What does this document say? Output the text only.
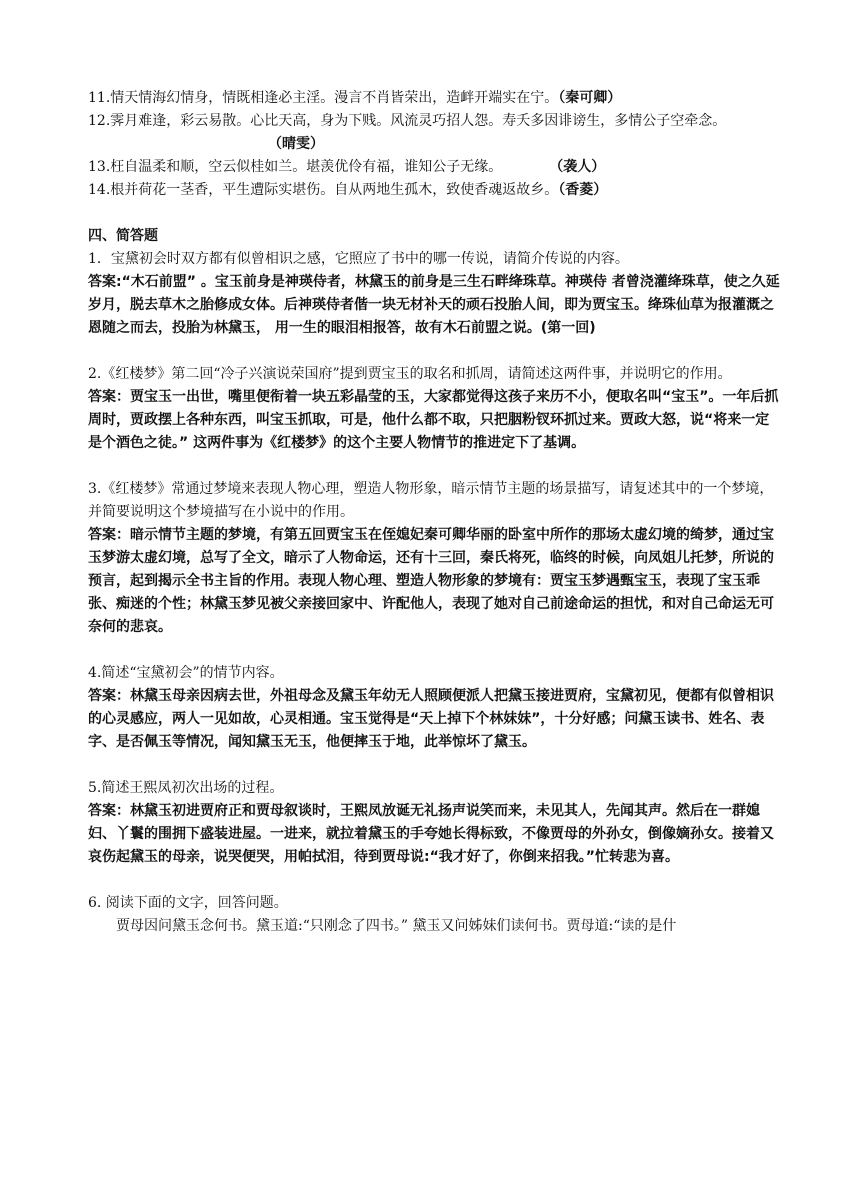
11.情天情海幻情身，情既相逢必主淫。漫言不肖皆荣出，造衅开端实在宁。（秦可卿）
12.霁月难逢，彩云易散。心比天高，身为下贱。风流灵巧招人怨。寿夭多因诽谤生，多情公子空牵念。（晴雯）
13.枉自温柔和顺，空云似桂如兰。堪羡优伶有福，谁知公子无缘。	（袭人）
14.根并荷花一茎香，平生遭际实堪伤。自从两地生孤木，致使香魂返故乡。（香菱）
四、简答题
1．宝黛初会时双方都有似曾相识之感，它照应了书中的哪一传说，请简介传说的内容。
答案:“木石前盟” 。宝玉前身是神瑛侍者，林黛玉的前身是三生石畔绛珠草。神瑛侍 者曾浇灌绛珠草，使之久延岁月，脱去草木之胎修成女体。后神瑛侍者偕一块无材补天的顽石投胎人间，即为贾宝玉。绛珠仙草为报灌溉之恩随之而去，投胎为林黛玉， 用一生的眼泪相报答，故有木石前盟之说。(第一回)
2.《红楼梦》第二回“冷子兴演说荣国府”提到贾宝玉的取名和抓周，请简述这两件事，并说明它的作用。
答案：贾宝玉一出世，嘴里便衔着一块五彩晶莹的玉，大家都觉得这孩子来历不小，便取名叫“宝玉”。一年后抓周时，贾政摆上各种东西，叫宝玉抓取，可是，他什么都不取，只把胭粉钗环抓过来。贾政大怒，说“将来一定是个酒色之徒。” 这两件事为《红楼梦》的这个主要人物情节的推进定下了基调。
3.《红楼梦》常通过梦境来表现人物心理，塑造人物形象，暗示情节主题的场景描写，请复述其中的一个梦境，并简要说明这个梦境描写在小说中的作用。
答案：暗示情节主题的梦境，有第五回贾宝玉在侄媳妃秦可卿华丽的卧室中所作的那场太虚幻境的绮梦，通过宝玉梦游太虚幻境，总写了全文，暗示了人物命运，还有十三回，秦氏将死，临终的时候，向凤姐儿托梦，所说的预言，起到揭示全书主旨的作用。表现人物心理、塑造人物形象的梦境有：贾宝玉梦遇甄宝玉，表现了宝玉乖张、痴迷的个性；林黛玉梦见被父亲接回家中、许配他人，表现了她对自己前途命运的担忧，和对自己命运无可奈何的悲哀。
4.简述“宝黛初会”的情节内容。
答案：林黛玉母亲因病去世，外祖母念及黛玉年幼无人照顾便派人把黛玉接进贾府，宝黛初见，便都有似曾相识的心灵感应，两人一见如故，心灵相通。宝玉觉得是“天上掉下个林妹妹”，十分好感；问黛玉读书、姓名、表字、是否佩玉等情况，闻知黛玉无玉，他便摔玉于地，此举惊坏了黛玉。
5.简述王熙凤初次出场的过程。
答案：林黛玉初进贾府正和贾母叙谈时，王熙凤放诞无礼扬声说笑而来，未见其人，先闻其声。然后在一群媳妇、丫鬟的围拥下盛装进屋。一进来，就拉着黛玉的手夸她长得标致，不像贾母的外孙女，倒像嫡孙女。接着又哀伤起黛玉的母亲，说哭便哭，用帕拭泪，待到贾母说:“我才好了，你倒来招我。”忙转悲为喜。
6. 阅读下面的文字，回答问题。
贾母因问黛玉念何书。黛玉道:“只刚念了四书。” 黛玉又问姊妹们读何书。贾母道:“读的是什
